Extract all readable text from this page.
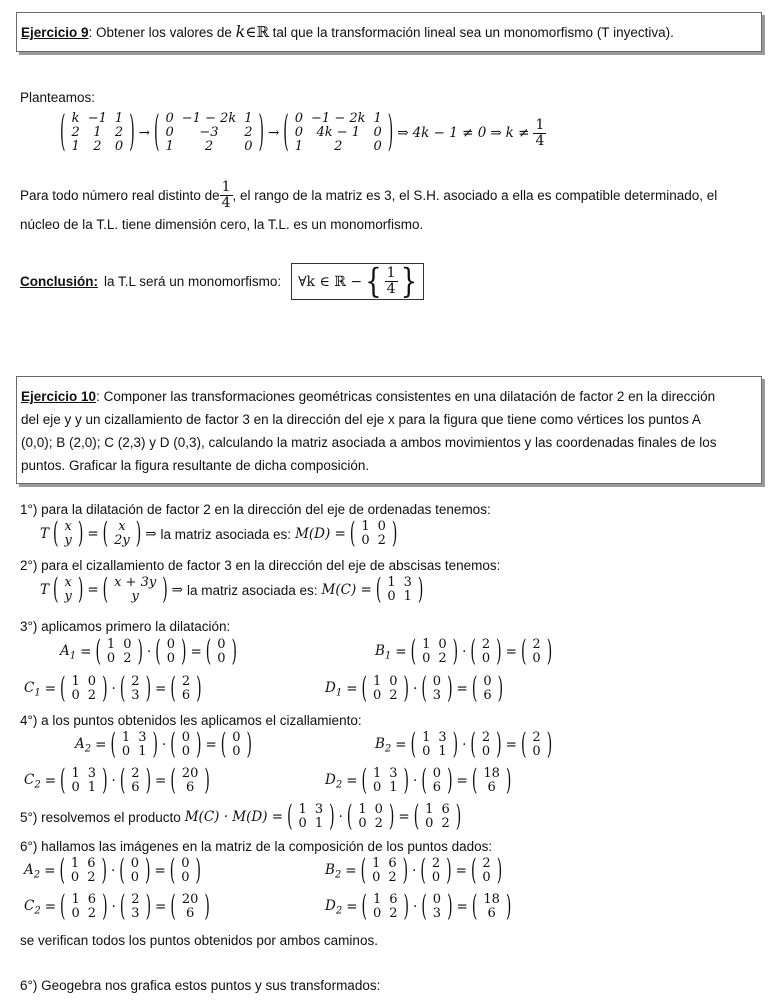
Ejercicio 9: Obtener los valores de k∈ℝ tal que la transformación lineal sea un monomorfismo (T inyectiva).
Planteamos:
( k	−1	1
2	1	2
1	2	0 ) → ( 0	−1 − 2k	1
0	−3	2
1	2	0 ) → ( 0	−1 − 2k	1
0	4k − 1	0
1	2	0 ) ⇒ 4k − 1 ≠ 0 ⇒ $k \ne \frac{1}{4}$
Para todo número real distinto de $\frac{1}{4}$ , el rango de la matriz es 3, el S.H. asociado a ella es compatible determinado, el
núcleo de la T.L. tiene dimensión cero, la T.L. es un monomorfismo.
Conclusión: la T.L será un monomorfismo: ∀k ∈ ℝ − { $\frac{1}{4}$ }
Ejercicio 10: Componer las transformaciones geométricas consistentes en una dilatación de factor 2 en la dirección
del eje y y un cizallamiento de factor 3 en la dirección del eje x para la figura que tiene como vértices los puntos A
(0,0); B (2,0); C (2,3) y D (0,3), calculando la matriz asociada a ambos movimientos y las coordenadas finales de los
puntos. Graficar la figura resultante de dicha composición.
1°) para la dilatación de factor 2 en la dirección del eje de ordenadas tenemos:
T ( x
y ) = ( x
2y ) ⇒ la matriz asociada es: M(D) = ( 1	0
0	2 )
2°) para el cizallamiento de factor 3 en la dirección del eje de abscisas tenemos:
T ( x
y ) = ( x + 3y
y ) ⇒ la matriz asociada es: M(C) = ( 1	3
0	1 )
3°) aplicamos primero la dilatación:
$A_1$ = ( 1	0
0	2 ) · ( 0
0 ) = ( 0
0 )	$B_1$ = ( 1	0
0	2 ) · ( 2
0 ) = ( 2
0 )
$C_1$ = ( 1	0
0	2 ) · ( 2
3 ) = ( 2
6 )	$D_1$ = ( 1	0
0	2 ) · ( 0
3 ) = ( 0
6 )
4°) a los puntos obtenidos les aplicamos el cizallamiento:
$A_2$ = ( 1	3
0	1 ) · ( 0
0 ) = ( 0
0 )	$B_2$ = ( 1	3
0	1 ) · ( 2
0 ) = ( 2
0 )
$C_2$ = ( 1	3
0	1 ) · ( 2
6 ) = ( 20
6 )	$D_2$ = ( 1	3
0	1 ) · ( 0
6 ) = ( 18
6 )
5°) resolvemos el producto M(C) · M(D) = ( 1	3
0	1 ) · ( 1	0
0	2 ) = ( 1	6
0	2 )
6°) hallamos las imágenes en la matriz de la composición de los puntos dados:
$A_2$ = ( 1	6
0	2 ) · ( 0
0 ) = ( 0
0 )	$B_2$ = ( 1	6
0	2 ) · ( 2
0 ) = ( 2
0 )
$C_2$ = ( 1	6
0	2 ) · ( 2
3 ) = ( 20
6 )	$D_2$ = ( 1	6
0	2 ) · ( 0
3 ) = ( 18
6 )
se verifican todos los puntos obtenidos por ambos caminos.
6°) Geogebra nos grafica estos puntos y sus transformados:
